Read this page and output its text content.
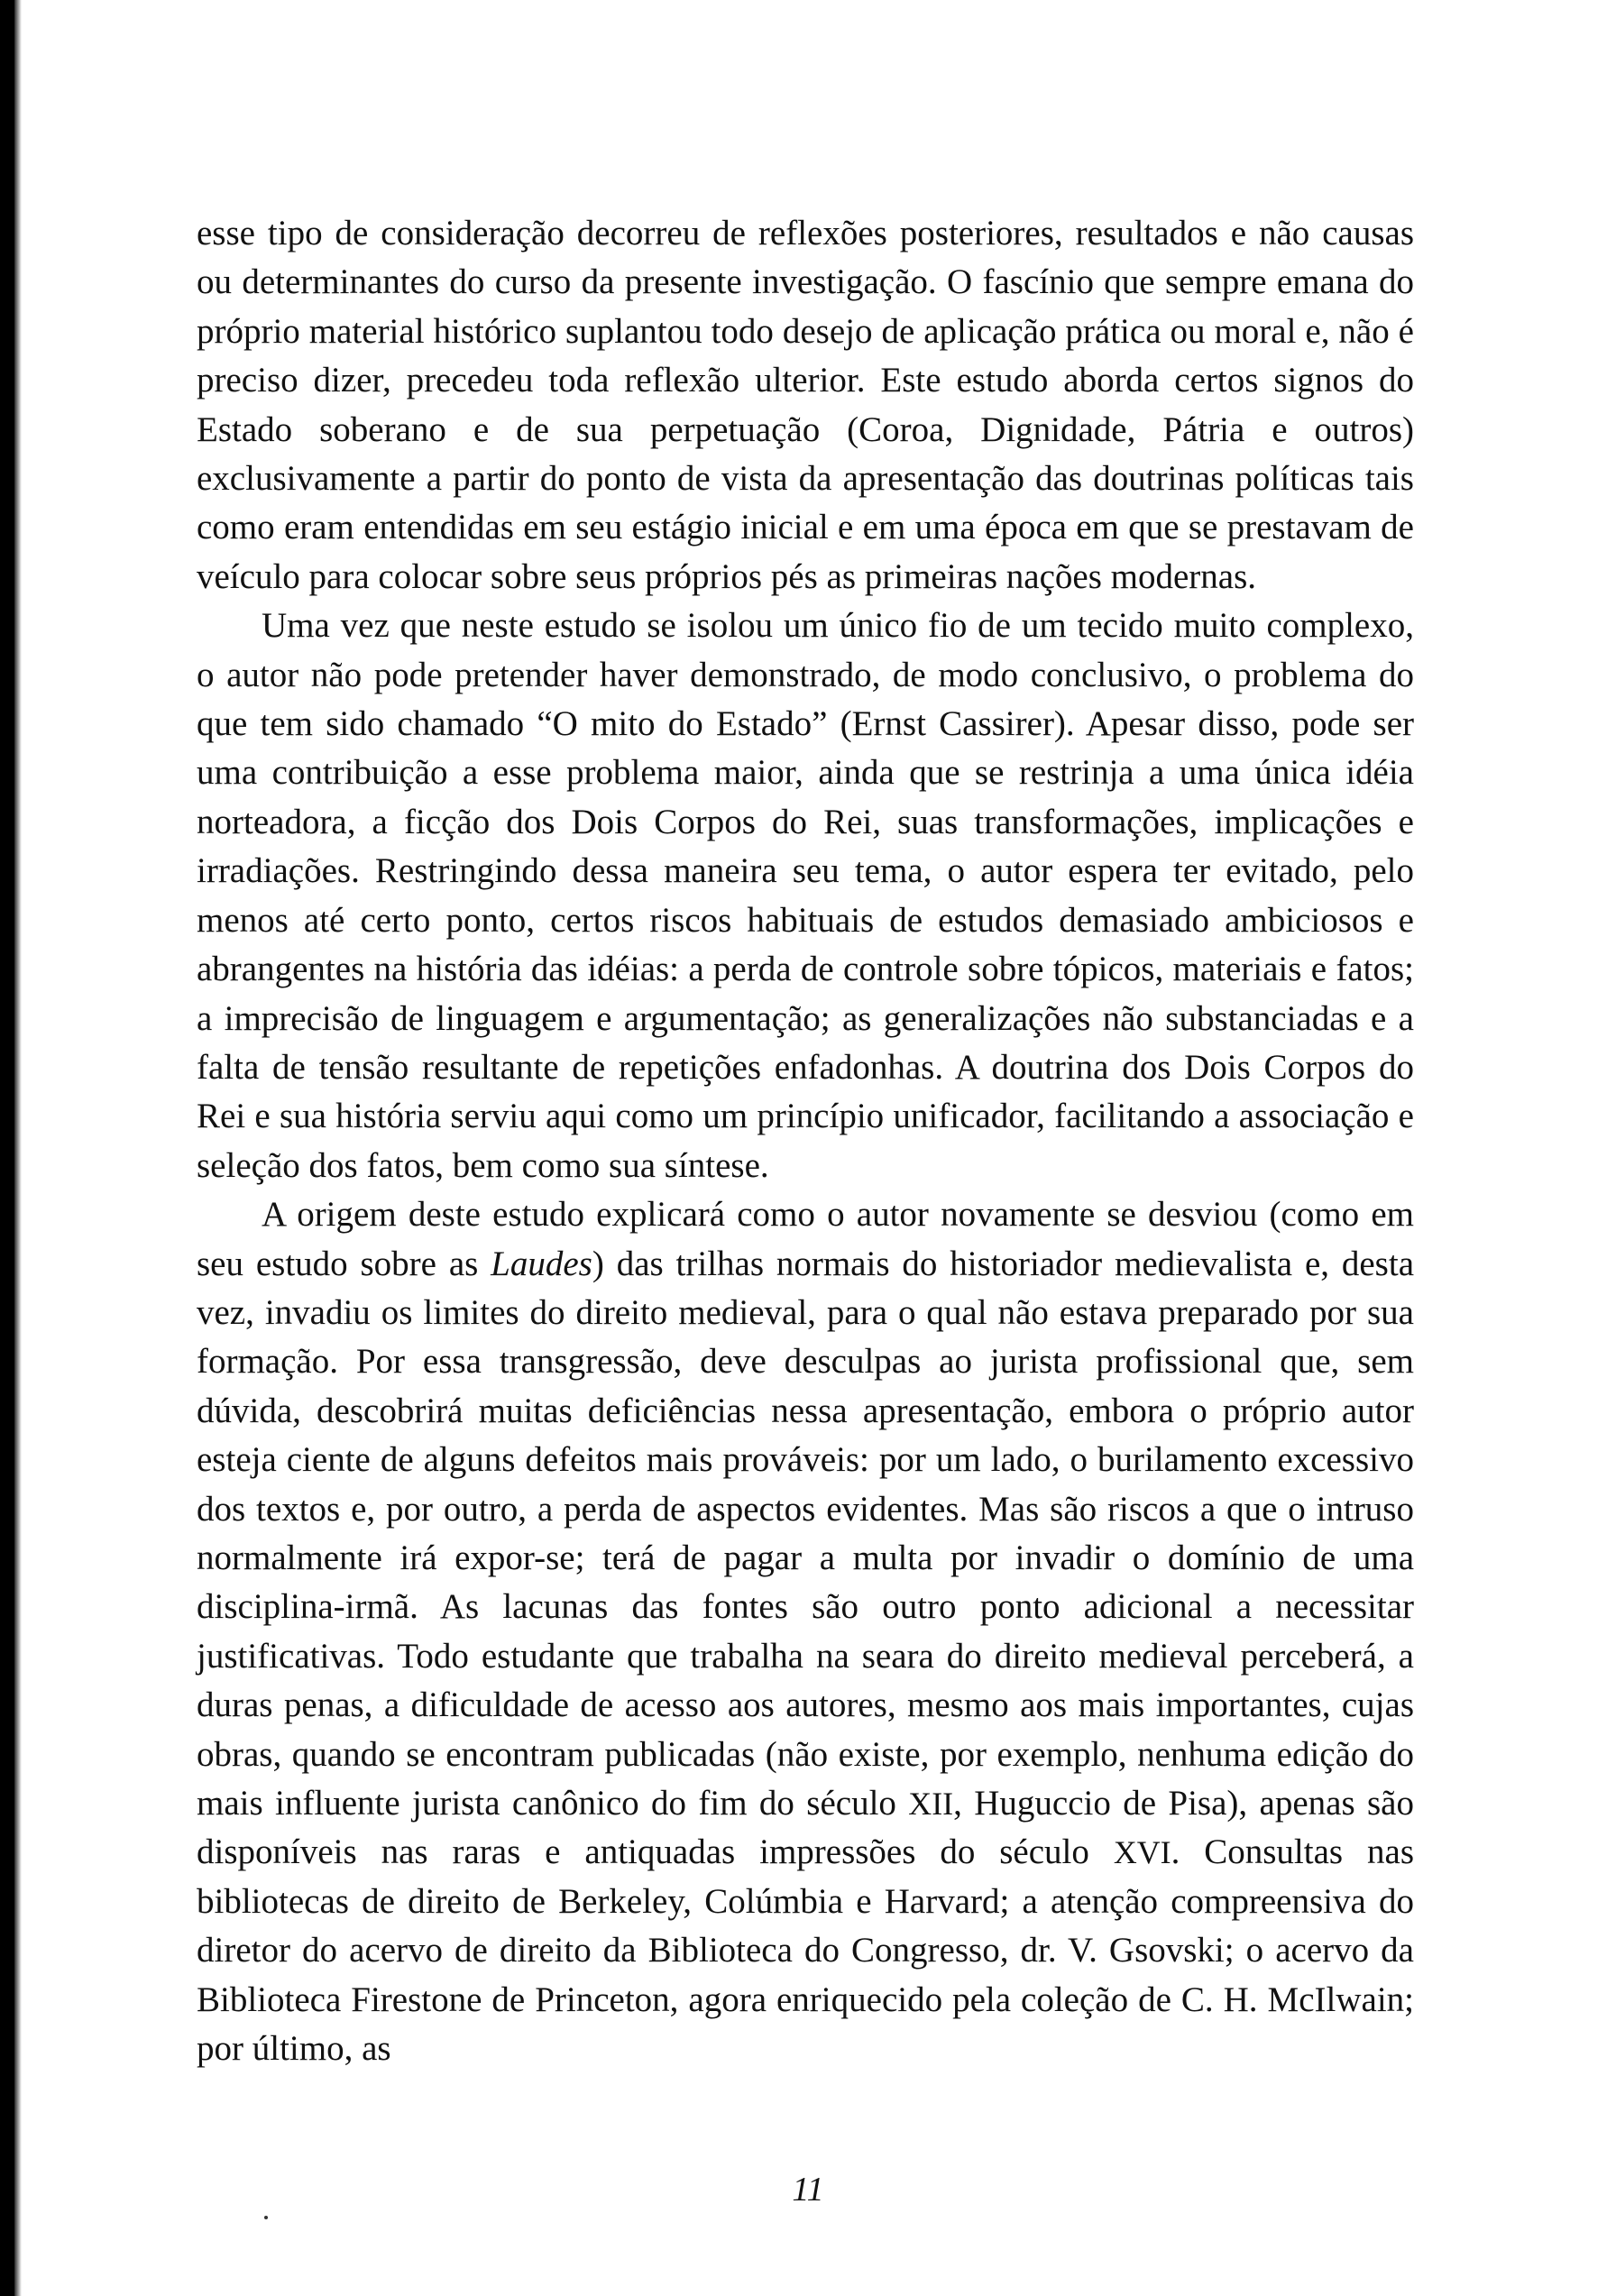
esse tipo de consideração decorreu de reflexões posteriores, resultados e não causas ou determinantes do curso da presente investigação. O fascínio que sempre emana do próprio material histórico suplantou todo desejo de aplicação prática ou moral e, não é preciso dizer, precedeu toda reflexão ulterior. Este estudo aborda certos signos do Estado soberano e de sua perpetuação (Coroa, Dignidade, Pátria e outros) exclusivamente a partir do ponto de vista da apresentação das doutrinas políticas tais como eram entendidas em seu estágio inicial e em uma época em que se prestavam de veículo para colocar sobre seus próprios pés as primeiras nações modernas.

Uma vez que neste estudo se isolou um único fio de um tecido muito complexo, o autor não pode pretender haver demonstrado, de modo conclusivo, o problema do que tem sido chamado “O mito do Estado” (Ernst Cassirer). Apesar disso, pode ser uma contribuição a esse problema maior, ainda que se restrinja a uma única idéia norteadora, a ficção dos Dois Corpos do Rei, suas transformações, implicações e irradiações. Restringindo dessa maneira seu tema, o autor espera ter evitado, pelo menos até certo ponto, certos riscos habituais de estudos demasiado ambiciosos e abrangentes na história das idéias: a perda de controle sobre tópicos, materiais e fatos; a imprecisão de linguagem e argumentação; as generalizações não substanciadas e a falta de tensão resultante de repetições enfadonhas. A doutrina dos Dois Corpos do Rei e sua história serviu aqui como um princípio unificador, facilitando a associação e seleção dos fatos, bem como sua síntese.

A origem deste estudo explicará como o autor novamente se desviou (como em seu estudo sobre as Laudes) das trilhas normais do historiador medievalista e, desta vez, invadiu os limites do direito medieval, para o qual não estava preparado por sua formação. Por essa transgressão, deve desculpas ao jurista profissional que, sem dúvida, descobrirá muitas deficiências nessa apresentação, embora o próprio autor esteja ciente de alguns defeitos mais prováveis: por um lado, o burilamento excessivo dos textos e, por outro, a perda de aspectos evidentes. Mas são riscos a que o intruso normalmente irá expor-se; terá de pagar a multa por invadir o domínio de uma disciplina-irmã. As lacunas das fontes são outro ponto adicional a necessitar justificativas. Todo estudante que trabalha na seara do direito medieval perceberá, a duras penas, a dificuldade de acesso aos autores, mesmo aos mais importantes, cujas obras, quando se encontram publicadas (não existe, por exemplo, nenhuma edição do mais influente jurista canônico do fim do século XII, Huguccio de Pisa), apenas são disponíveis nas raras e antiquadas impressões do século XVI. Consultas nas bibliotecas de direito de Berkeley, Colúmbia e Harvard; a atenção compreensiva do diretor do acervo de direito da Biblioteca do Congresso, dr. V. Gsovski; o acervo da Biblioteca Firestone de Princeton, agora enriquecido pela coleção de C. H. McIlwain; por último, as

11
